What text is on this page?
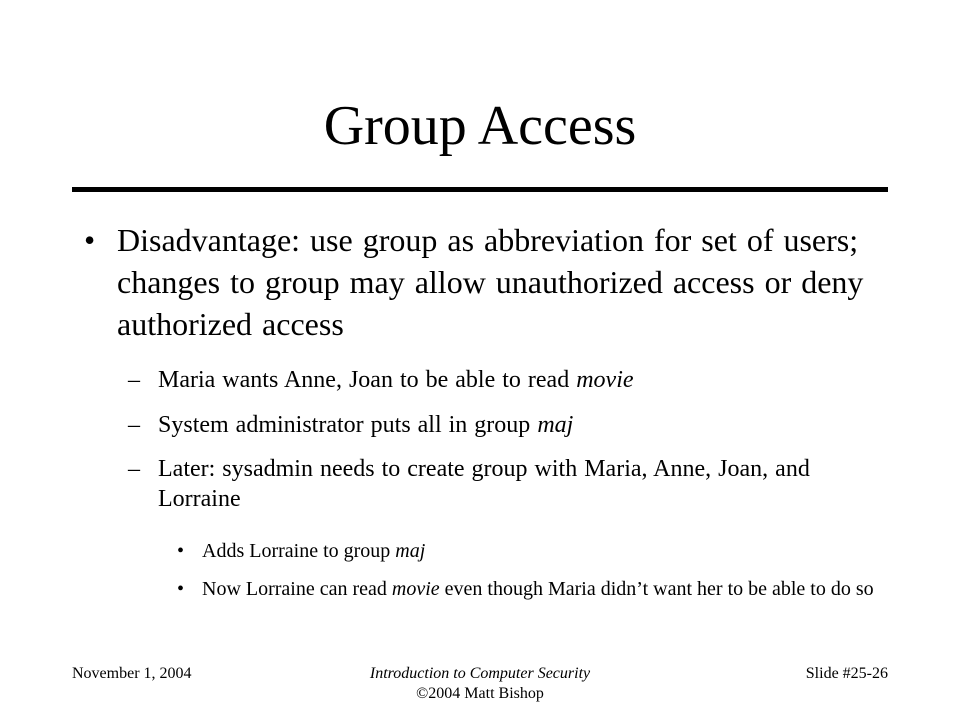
Group Access
• Disadvantage: use group as abbreviation for set of users; changes to group may allow unauthorized access or deny authorized access
– Maria wants Anne, Joan to be able to read movie
– System administrator puts all in group maj
– Later: sysadmin needs to create group with Maria, Anne, Joan, and Lorraine
• Adds Lorraine to group maj
• Now Lorraine can read movie even though Maria didn’t want her to be able to do so
November 1, 2004	Introduction to Computer Security
©2004 Matt Bishop
Slide #25-26
